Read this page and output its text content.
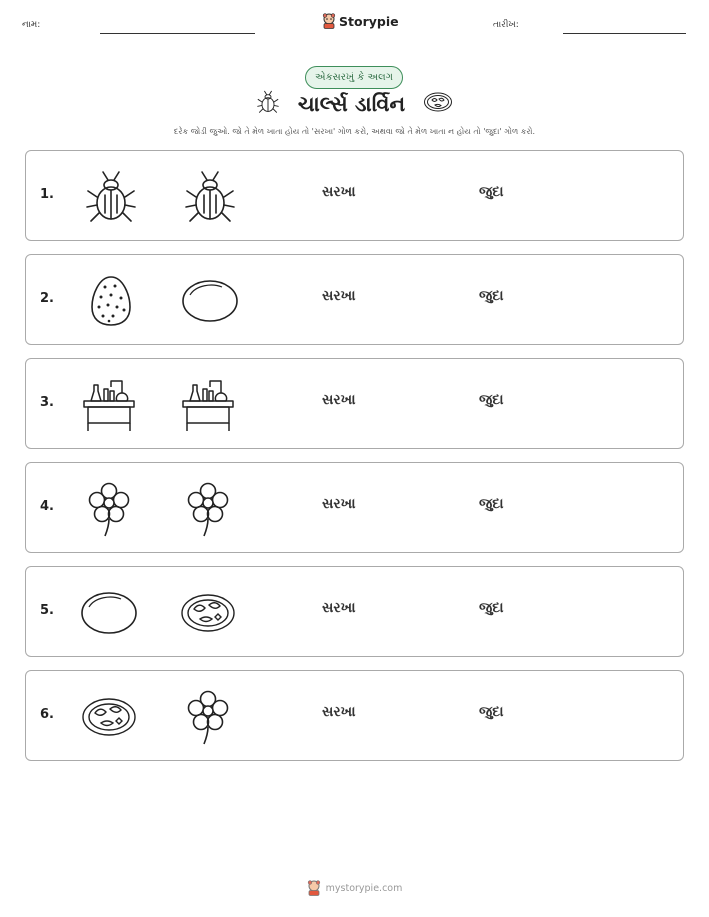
નામ:	Storypie	તારીખ:
એકસરખું કે અલગ
ચાર્લ્સ ડાર્વિન
દરેક જોડી જુઓ. જો તે મેળ ખાતા હોય તો 'સરખા' ગોળ કરો, અથવા જો તે મેળ ખાતા ન હોય તો 'જુદા' ગોળ કરો.
1.	સરખા	જુદા
2.	સરખા	જુદા
3.	સરખા	જુદા
4.	સરખા	જુદા
5.	સરખા	જુદા
6.	સરખા	જુદા
mystorypie.com
